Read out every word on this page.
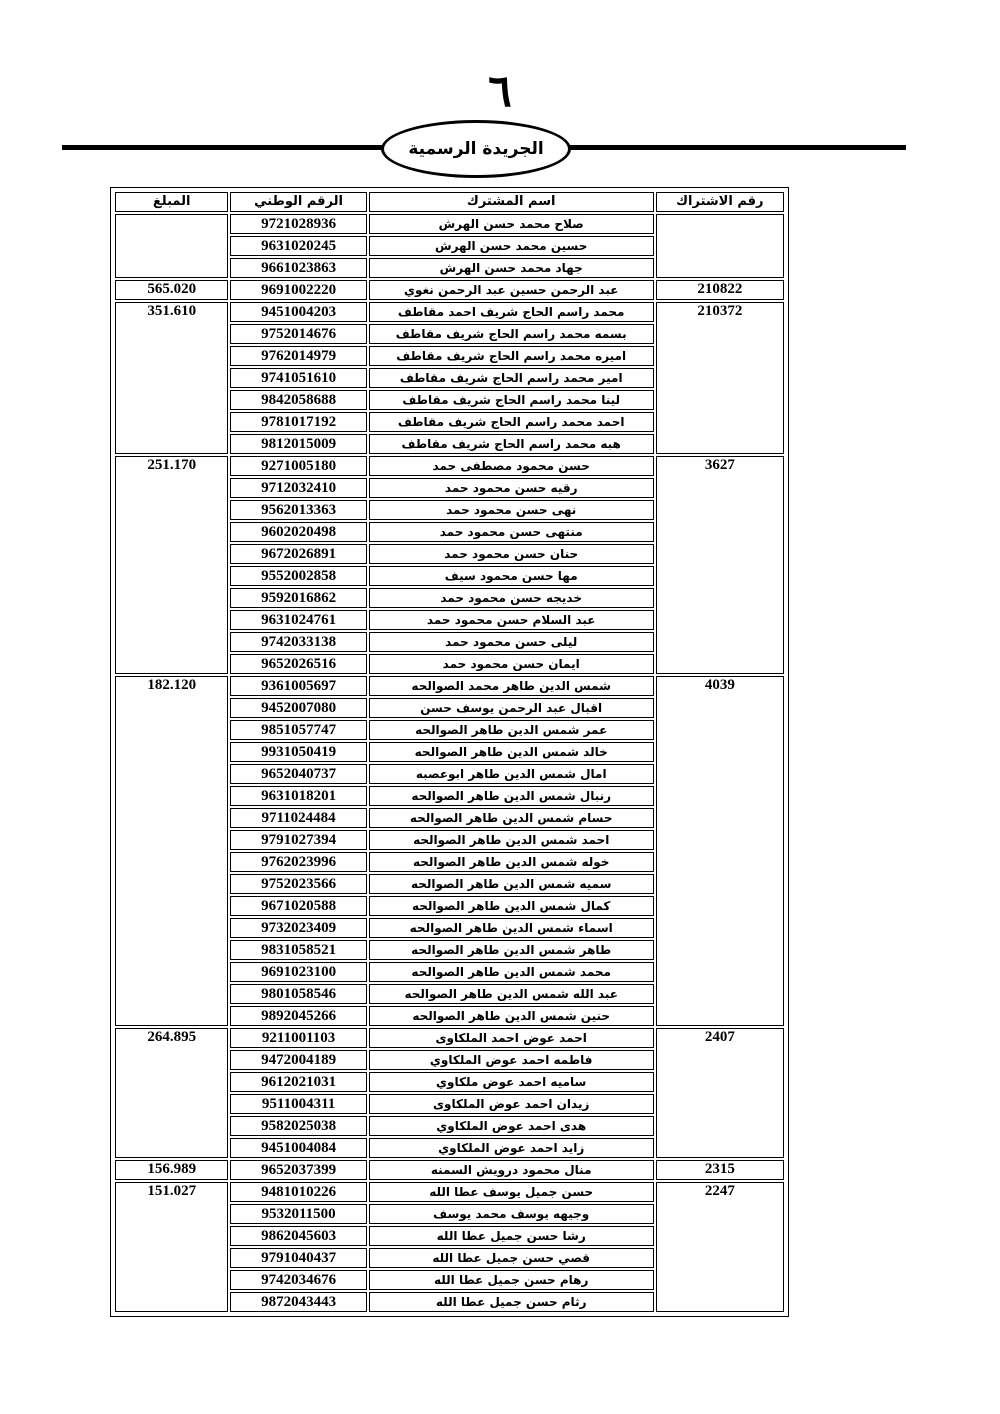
٦
الجريدة الرسمية
رقم الاشتراك	اسم المشترك	الرقم الوطني	المبلغ
	صلاح محمد حسن الهرش	9721028936	
	حسين محمد حسن الهرش	9631020245	
	جهاد محمد حسن الهرش	9661023863	
210822	عبد الرحمن حسين عبد الرحمن نغوي	9691002220	565.020
210372	محمد راسم الحاج شريف احمد مقاطف	9451004203	351.610
	بسمه محمد راسم الحاج شريف مقاطف	9752014676	
	اميره محمد راسم الحاج شريف مقاطف	9762014979	
	امير محمد راسم الحاج شريف مقاطف	9741051610	
	لينا محمد راسم الحاج شريف مقاطف	9842058688	
	احمد محمد راسم الحاج شريف مقاطف	9781017192	
	هبه محمد راسم الحاج شريف مقاطف	9812015009	
3627	حسن محمود مصطفى حمد	9271005180	251.170
	رقيه حسن محمود حمد	9712032410	
	نهى حسن محمود حمد	9562013363	
	منتهى حسن محمود حمد	9602020498	
	حنان حسن محمود حمد	9672026891	
	مها حسن محمود سيف	9552002858	
	خديجه حسن محمود حمد	9592016862	
	عبد السلام حسن محمود حمد	9631024761	
	ليلى حسن محمود حمد	9742033138	
	ايمان حسن محمود حمد	9652026516	
4039	شمس الدين طاهر محمد الصوالحه	9361005697	182.120
	اقبال عبد الرحمن يوسف حسن	9452007080	
	عمر شمس الدين طاهر الصوالحه	9851057747	
	خالد شمس الدين طاهر الصوالحه	9931050419	
	امال شمس الدين طاهر ابوعصبه	9652040737	
	رنبال شمس الدين طاهر الصوالحه	9631018201	
	حسام شمس الدين طاهر الصوالحه	9711024484	
	احمد شمس الدين طاهر الصوالحه	9791027394	
	خوله شمس الدين طاهر الصوالحه	9762023996	
	سميه شمس الدين طاهر الصوالحه	9752023566	
	كمال شمس الدين طاهر الصوالحه	9671020588	
	اسماء شمس الدين طاهر الصوالحه	9732023409	
	طاهر شمس الدين طاهر الصوالحه	9831058521	
	محمد شمس الدين طاهر الصوالحه	9691023100	
	عبد الله شمس الدين طاهر الصوالحه	9801058546	
	حنين شمس الدين طاهر الصوالحه	9892045266	
2407	احمد عوض احمد الملكاوى	9211001103	264.895
	فاطمه احمد عوض الملكاوي	9472004189	
	ساميه احمد عوض ملكاوي	9612021031	
	زيدان احمد عوض الملكاوى	9511004311	
	هدى احمد عوض الملكاوي	9582025038	
	زايد احمد عوض الملكاوي	9451004084	
2315	منال محمود درويش السمنه	9652037399	156.989
2247	حسن جميل يوسف عطا الله	9481010226	151.027
	وجيهه يوسف محمد يوسف	9532011500	
	رشا حسن جميل عطا الله	9862045603	
	قصي حسن جميل عطا الله	9791040437	
	رهام حسن جميل عطا الله	9742034676	
	رثام حسن جميل عطا الله	9872043443	
